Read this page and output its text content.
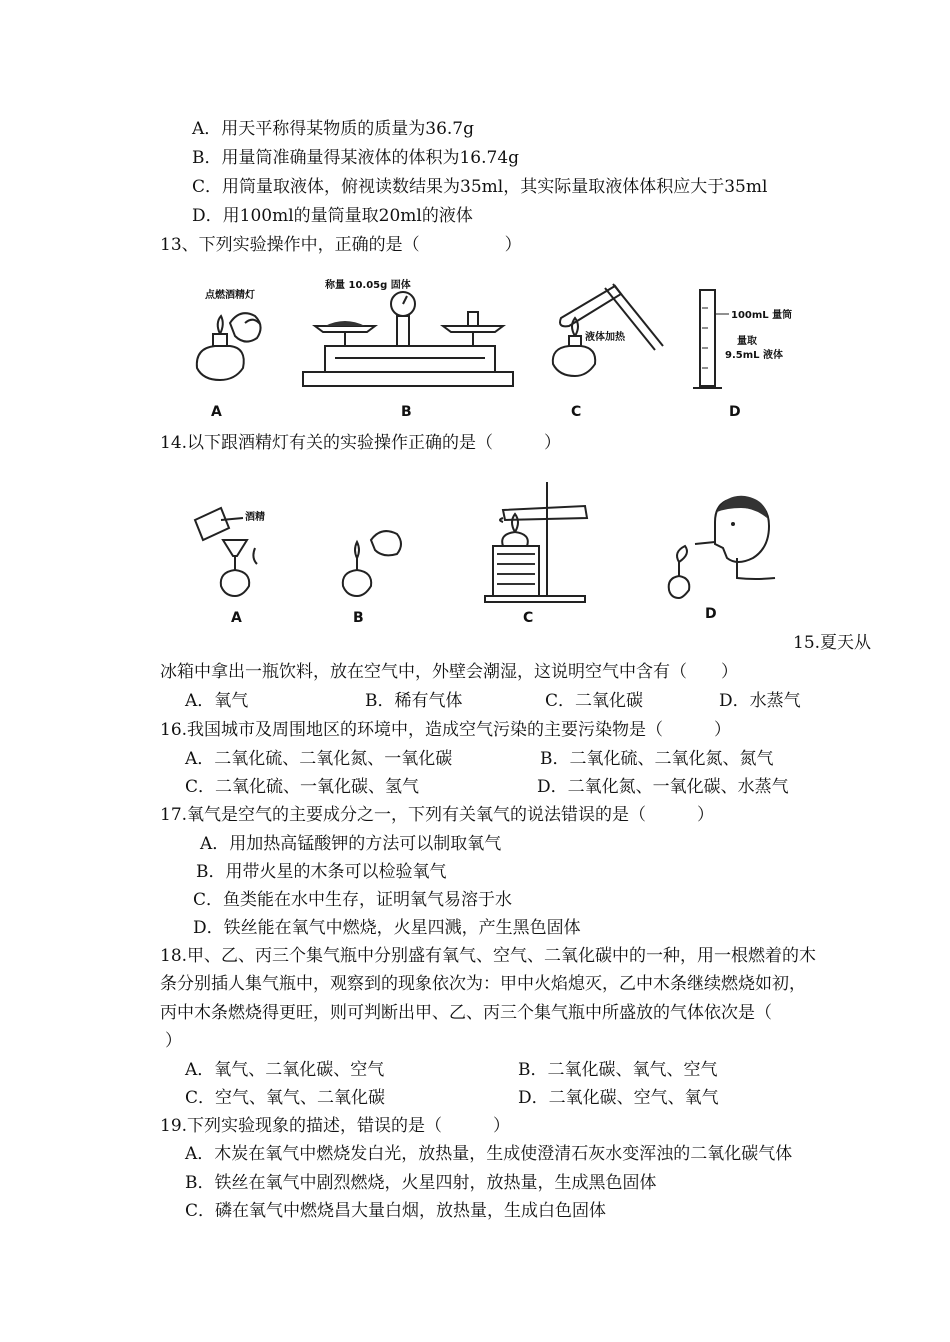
A．用天平称得某物质的质量为36.7g
B．用量筒准确量得某液体的体积为16.74g
C．用筒量取液体，俯视读数结果为35ml，其实际量取液体体积应大于35ml
D．用100ml的量筒量取20ml的液体
13、下列实验操作中，正确的是（　　　　　）
点燃酒精灯
A
称量 10.05g 固体
B
液体加热
C
100mL 量筒
量取
9.5mL 液体
D
14.以下跟酒精灯有关的实验操作正确的是（　　　）
酒精
A	B	C	D
15.夏天从
冰箱中拿出一瓶饮料，放在空气中，外壁会潮湿，这说明空气中含有（　　）
A．氧气	B．稀有气体	C．二氧化碳	D．水蒸气
16.我国城市及周围地区的环境中，造成空气污染的主要污染物是（　　　）
A．二氧化硫、二氧化氮、一氧化碳	B．二氧化硫、二氧化氮、氮气
C．二氧化硫、一氧化碳、氢气	D．二氧化氮、一氧化碳、水蒸气
17.氧气是空气的主要成分之一，下列有关氧气的说法错误的是（　　　）
A．用加热高锰酸钾的方法可以制取氧气
B．用带火星的木条可以检验氧气
C．鱼类能在水中生存，证明氧气易溶于水
D．铁丝能在氧气中燃烧，火星四溅，产生黑色固体
18.甲、乙、丙三个集气瓶中分别盛有氧气、空气、二氧化碳中的一种，用一根燃着的木
条分别插人集气瓶中，观察到的现象依次为：甲中火焰熄灭，乙中木条继续燃烧如初，
丙中木条燃烧得更旺，则可判断出甲、乙、丙三个集气瓶中所盛放的气体依次是（
）
A．氧气、二氧化碳、空气	B．二氧化碳、氧气、空气
C．空气、氧气、二氧化碳	D．二氧化碳、空气、氧气
19.下列实验现象的描述，错误的是（　　　）
A．木炭在氧气中燃烧发白光，放热量，生成使澄清石灰水变浑浊的二氧化碳气体
B．铁丝在氧气中剧烈燃烧，火星四射，放热量，生成黑色固体
C．磷在氧气中燃烧昌大量白烟，放热量，生成白色固体
